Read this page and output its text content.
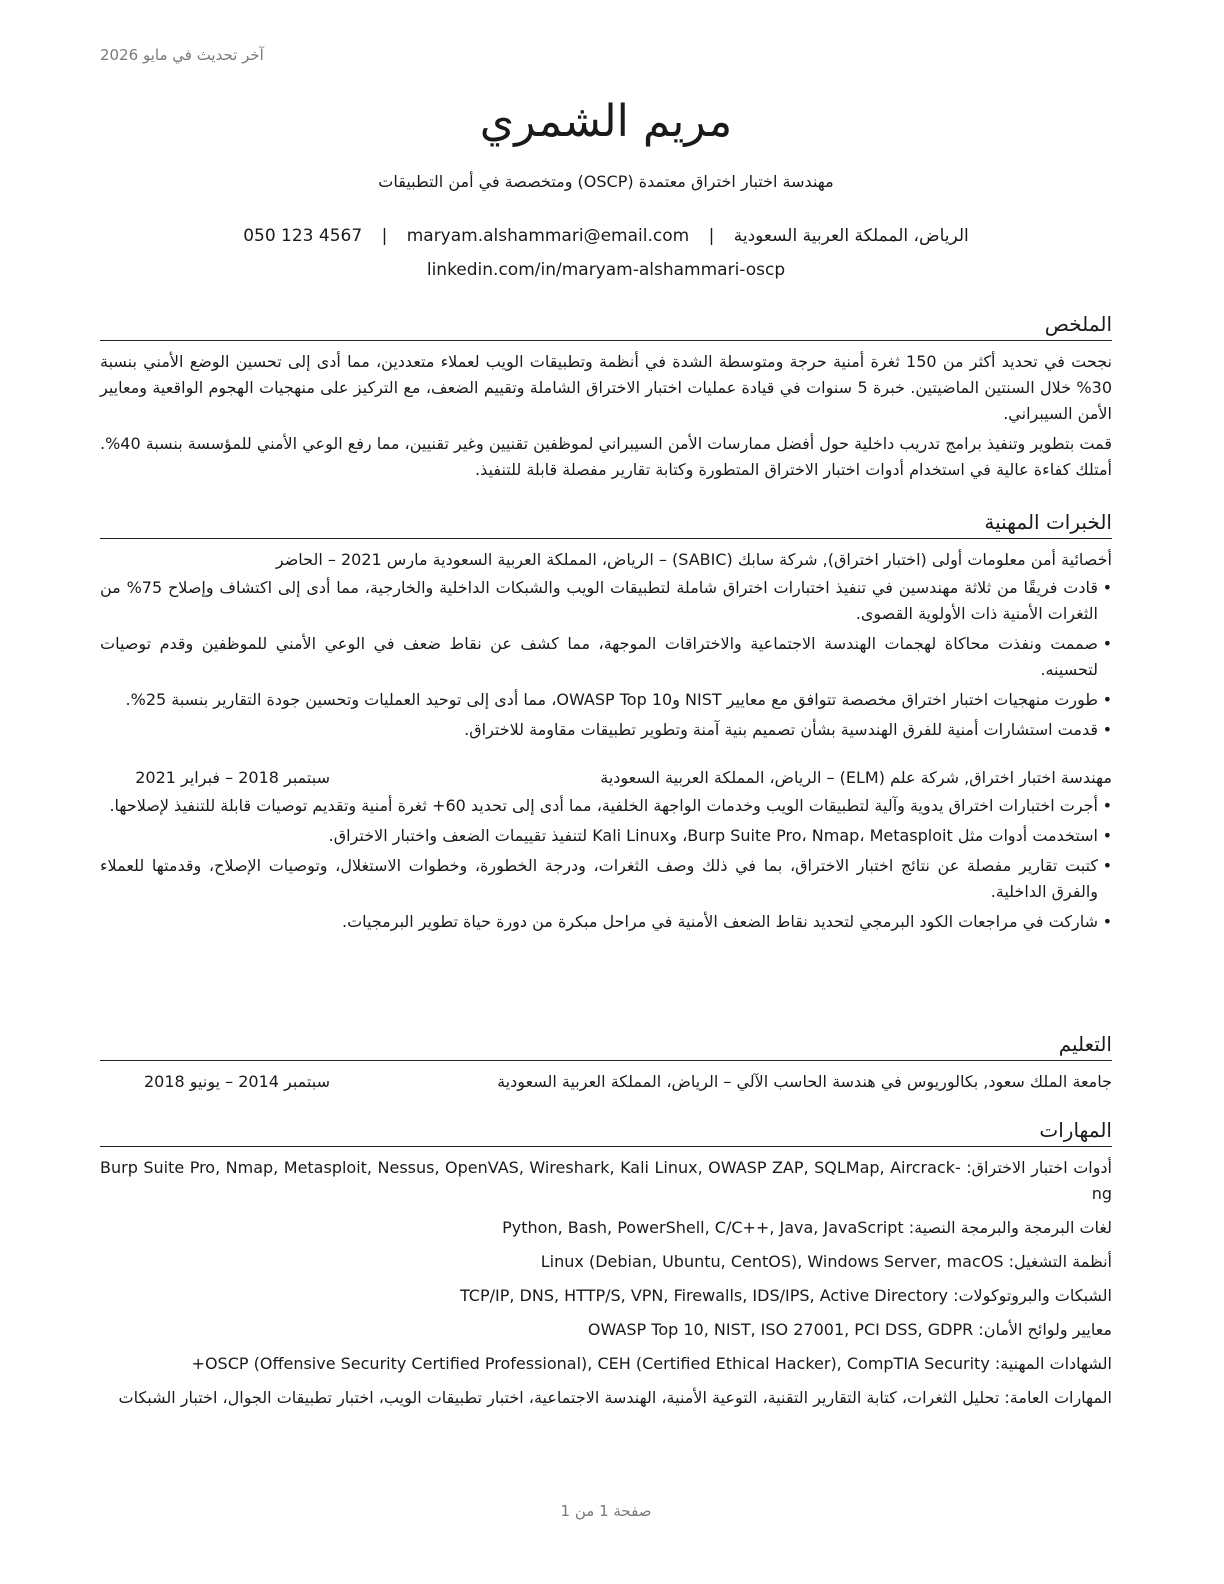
آخر تحديث في مايو 2026
مريم الشمري
مهندسة اختبار اختراق معتمدة (OSCP) ومتخصصة في أمن التطبيقات
الرياض، المملكة العربية السعودية | maryam.alshammari@email.com | 050 123 4567
linkedin.com/in/maryam-alshammari-oscp
الملخص

نجحت في تحديد أكثر من 150 ثغرة أمنية حرجة ومتوسطة الشدة في أنظمة وتطبيقات الويب لعملاء متعددين، مما أدى إلى تحسين الوضع الأمني بنسبة 30% خلال السنتين الماضيتين. خبرة 5 سنوات في قيادة عمليات اختبار الاختراق الشاملة وتقييم الضعف، مع التركيز على منهجيات الهجوم الواقعية ومعايير الأمن السيبراني.

قمت بتطوير وتنفيذ برامج تدريب داخلية حول أفضل ممارسات الأمن السيبراني لموظفين تقنيين وغير تقنيين، مما رفع الوعي الأمني للمؤسسة بنسبة 40%. أمتلك كفاءة عالية في استخدام أدوات اختبار الاختراق المتطورة وكتابة تقارير مفصلة قابلة للتنفيذ.

الخبرات المهنية
أخصائية أمن معلومات أولى (اختبار اختراق), شركة سابك (SABIC) – الرياض، المملكة العربية السعودية مارس 2021 – الحاضر
• قادت فريقًا من ثلاثة مهندسين في تنفيذ اختبارات اختراق شاملة لتطبيقات الويب والشبكات الداخلية والخارجية، مما أدى إلى اكتشاف وإصلاح 75% من الثغرات الأمنية ذات الأولوية القصوى.
• صممت ونفذت محاكاة لهجمات الهندسة الاجتماعية والاختراقات الموجهة، مما كشف عن نقاط ضعف في الوعي الأمني للموظفين وقدم توصيات لتحسينه.
• طورت منهجيات اختبار اختراق مخصصة تتوافق مع معايير NIST وOWASP Top 10، مما أدى إلى توحيد العمليات وتحسين جودة التقارير بنسبة 25%.
• قدمت استشارات أمنية للفرق الهندسية بشأن تصميم بنية آمنة وتطوير تطبيقات مقاومة للاختراق.
مهندسة اختبار اختراق, شركة علم (ELM) – الرياض، المملكة العربية السعودية
سبتمبر 2018 – فبراير 2021
• أجرت اختبارات اختراق يدوية وآلية لتطبيقات الويب وخدمات الواجهة الخلفية، مما أدى إلى تحديد 60+ ثغرة أمنية وتقديم توصيات قابلة للتنفيذ لإصلاحها.
• استخدمت أدوات مثل Burp Suite Pro، Nmap، Metasploit، وKali Linux لتنفيذ تقييمات الضعف واختبار الاختراق.
• كتبت تقارير مفصلة عن نتائج اختبار الاختراق، بما في ذلك وصف الثغرات، ودرجة الخطورة، وخطوات الاستغلال، وتوصيات الإصلاح، وقدمتها للعملاء والفرق الداخلية.
• شاركت في مراجعات الكود البرمجي لتحديد نقاط الضعف الأمنية في مراحل مبكرة من دورة حياة تطوير البرمجيات.
التعليم
جامعة الملك سعود, بكالوريوس في هندسة الحاسب الآلي – الرياض، المملكة العربية السعودية
سبتمبر 2014 – يونيو 2018
المهارات

أدوات اختبار الاختراق: Burp Suite Pro, Nmap, Metasploit, Nessus, OpenVAS, Wireshark, Kali Linux, OWASP ZAP, SQLMap, Aircrack-ng

لغات البرمجة والبرمجة النصية: Python, Bash, PowerShell, C/C++, Java, JavaScript

أنظمة التشغيل: Linux (Debian, Ubuntu, CentOS), Windows Server, macOS

الشبكات والبروتوكولات: TCP/IP, DNS, HTTP/S, VPN, Firewalls, IDS/IPS, Active Directory

معايير ولوائح الأمان: OWASP Top 10, NIST, ISO 27001, PCI DSS, GDPR

الشهادات المهنية: OSCP (Offensive Security Certified Professional), CEH (Certified Ethical Hacker), CompTIA Security+

المهارات العامة: تحليل الثغرات، كتابة التقارير التقنية، التوعية الأمنية، الهندسة الاجتماعية، اختبار تطبيقات الويب، اختبار تطبيقات الجوال، اختبار الشبكات

صفحة 1 من 1
